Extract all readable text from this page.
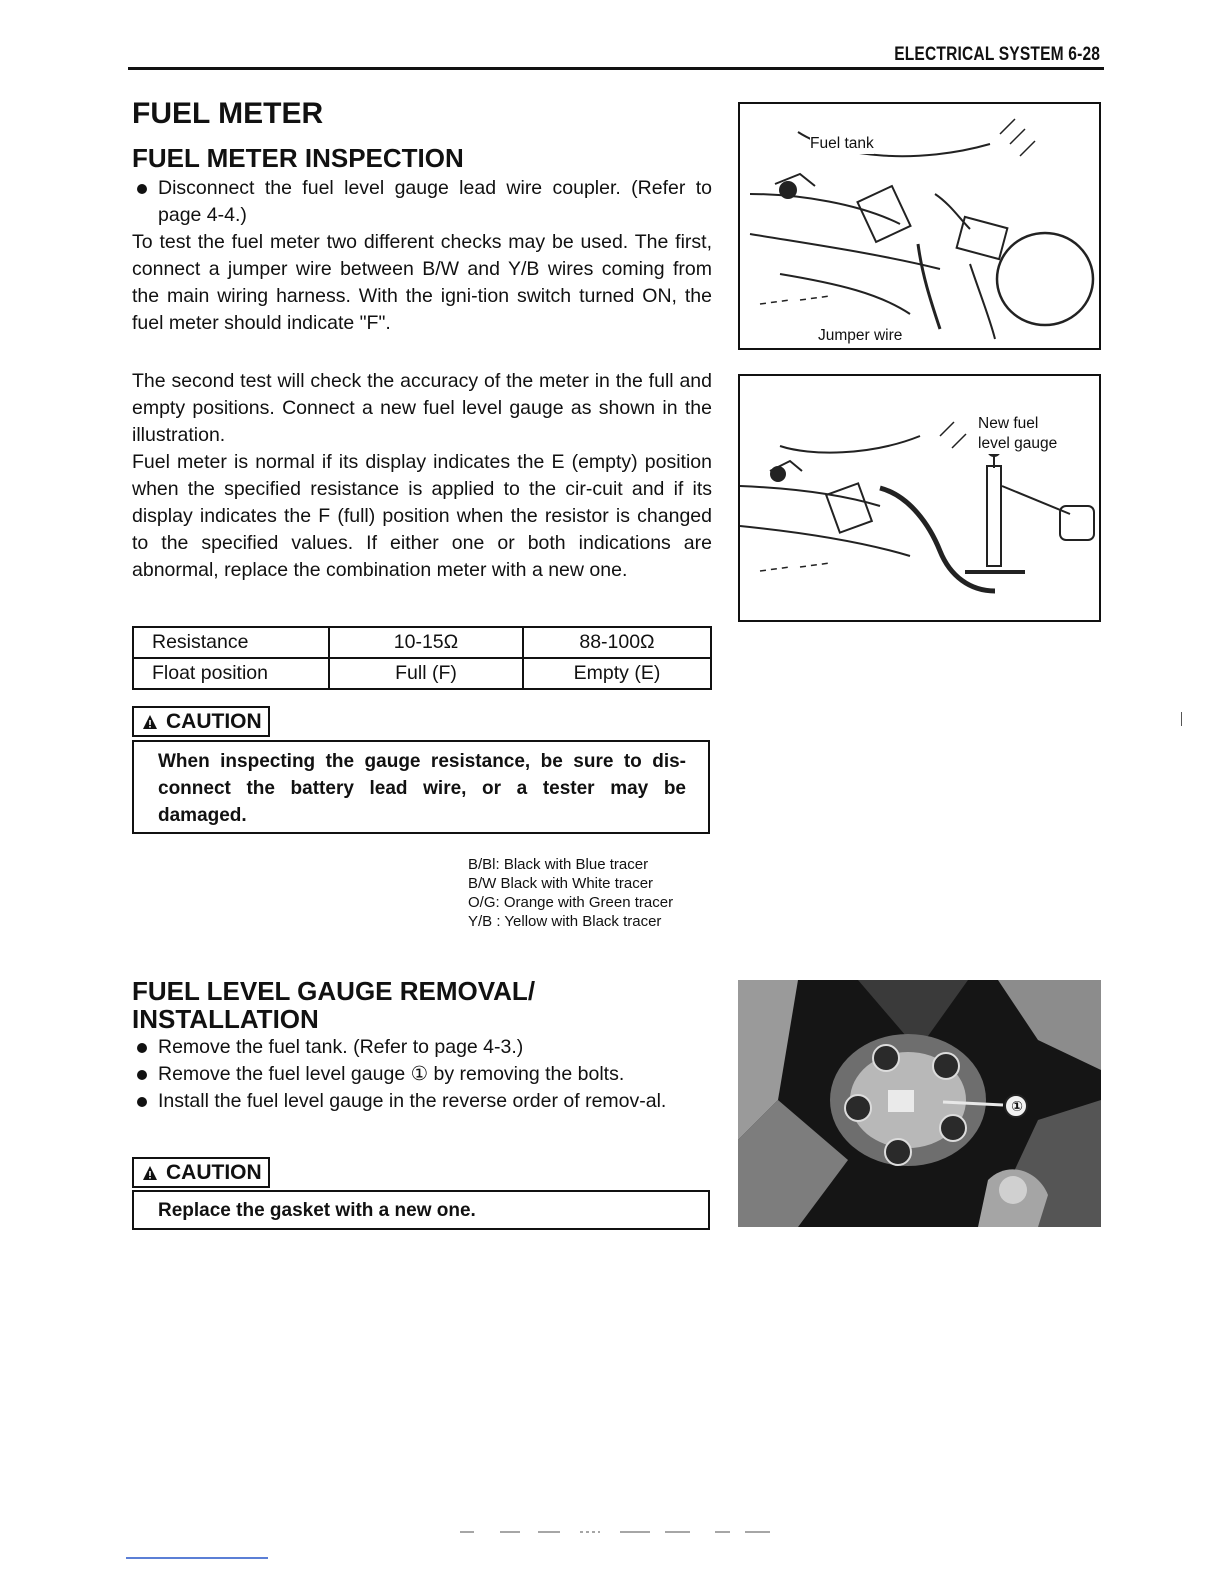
ELECTRICAL SYSTEM 6-28
FUEL METER
FUEL METER INSPECTION
Disconnect the fuel level gauge lead wire coupler. (Refer to page 4-4.)

To test the fuel meter two different checks may be used. The first, connect a jumper wire between B/W and Y/B wires coming from the main wiring harness. With the igni-tion switch turned ON, the fuel meter should indicate "F".

The second test will check the accuracy of the meter in the full and empty positions. Connect a new fuel level gauge as shown in the illustration.

Fuel meter is normal if its display indicates the E (empty) position when the specified resistance is applied to the cir-cuit and if its display indicates the F (full) position when the resistor is changed to the specified values. If either one or both indications are abnormal, replace the combination meter with a new one.

Resistance	10-15Ω	88-100Ω
Float position	Full (F)	Empty (E)
CAUTION
When inspecting the gauge resistance, be sure to dis-connect the battery lead wire, or a tester may be damaged.
B/Bl: Black with Blue tracer
B/W Black with White tracer
O/G: Orange with Green tracer
Y/B : Yellow with Black tracer
Fuel tank
Jumper wire
New fuel
level gauge
FUEL LEVEL GAUGE REMOVAL/
INSTALLATION
Remove the fuel tank. (Refer to page 4-3.)
Remove the fuel level gauge ① by removing the bolts.
Install the fuel level gauge in the reverse order of remov-al.
CAUTION
Replace the gasket with a new one.
①
